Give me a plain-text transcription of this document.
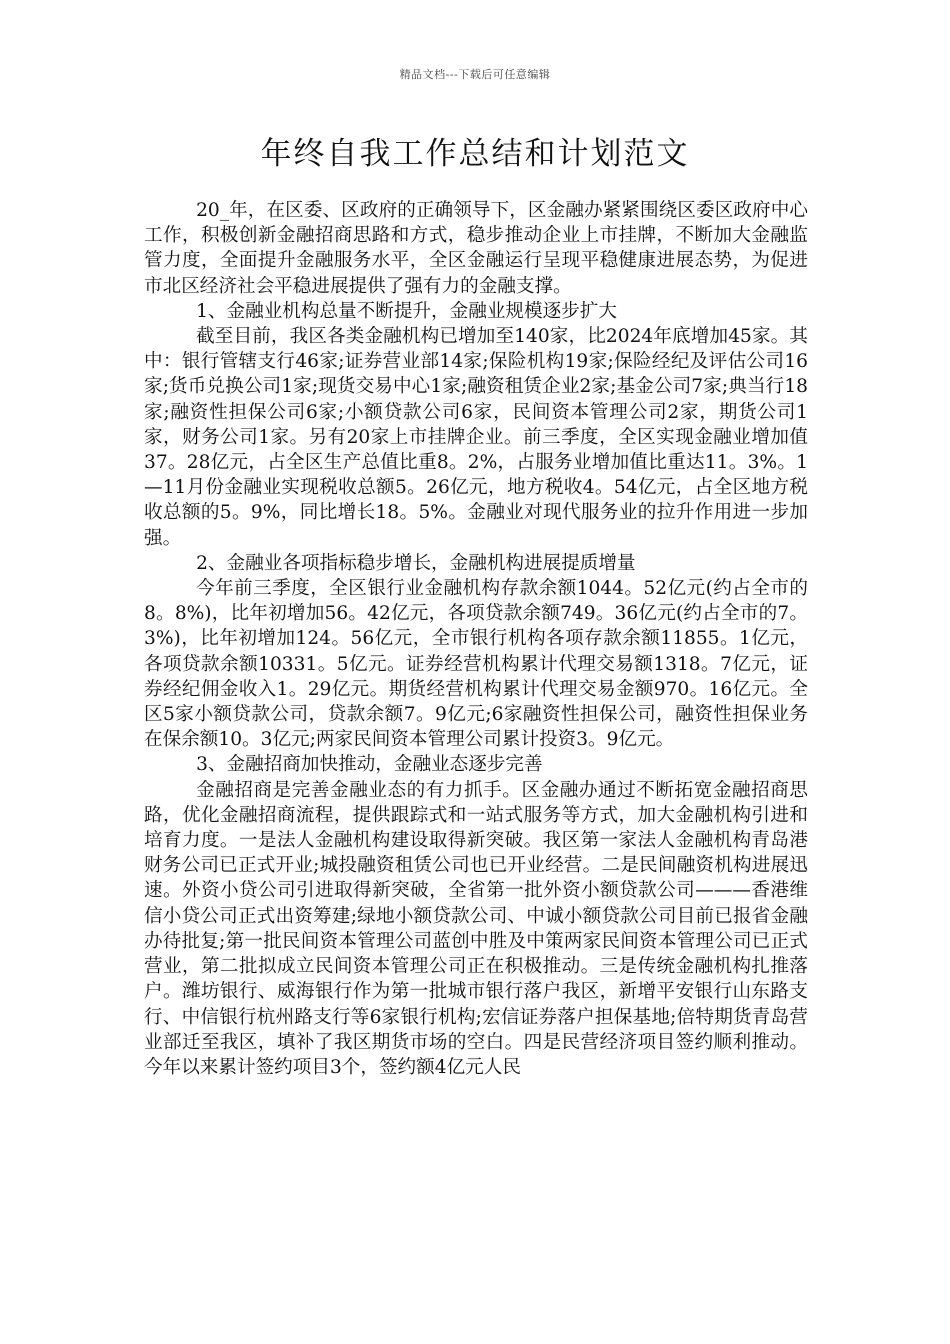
精品文档---下载后可任意编辑
年终自我工作总结和计划范文

20_年，在区委、区政府的正确领导下，区金融办紧紧围绕区委区政府中心工作，积极创新金融招商思路和方式，稳步推动企业上市挂牌，不断加大金融监管力度，全面提升金融服务水平，全区金融运行呈现平稳健康进展态势，为促进市北区经济社会平稳进展提供了强有力的金融支撑。

1、金融业机构总量不断提升，金融业规模逐步扩大

截至目前，我区各类金融机构已增加至140家，比2024年底增加45家。其中：银行管辖支行46家;证券营业部14家;保险机构19家;保险经纪及评估公司16家;货币兑换公司1家;现货交易中心1家;融资租赁企业2家;基金公司7家;典当行18家;融资性担保公司6家;小额贷款公司6家，民间资本管理公司2家，期货公司1家，财务公司1家。另有20家上市挂牌企业。前三季度，全区实现金融业增加值37。28亿元，占全区生产总值比重8。2%，占服务业增加值比重达11。3%。1—11月份金融业实现税收总额5。26亿元，地方税收4。54亿元，占全区地方税收总额的5。9%，同比增长18。5%。金融业对现代服务业的拉升作用进一步加强。

2、金融业各项指标稳步增长，金融机构进展提质增量

今年前三季度，全区银行业金融机构存款余额1044。52亿元(约占全市的8。8%)，比年初增加56。42亿元，各项贷款余额749。36亿元(约占全市的7。3%)，比年初增加124。56亿元，全市银行机构各项存款余额11855。1亿元，各项贷款余额10331。5亿元。证券经营机构累计代理交易额1318。7亿元，证券经纪佣金收入1。29亿元。期货经营机构累计代理交易金额970。16亿元。全区5家小额贷款公司，贷款余额7。9亿元;6家融资性担保公司，融资性担保业务在保余额10。3亿元;两家民间资本管理公司累计投资3。9亿元。

3、金融招商加快推动，金融业态逐步完善

金融招商是完善金融业态的有力抓手。区金融办通过不断拓宽金融招商思路，优化金融招商流程，提供跟踪式和一站式服务等方式，加大金融机构引进和培育力度。一是法人金融机构建设取得新突破。我区第一家法人金融机构青岛港财务公司已正式开业;城投融资租赁公司也已开业经营。二是民间融资机构进展迅速。外资小贷公司引进取得新突破，全省第一批外资小额贷款公司———香港维信小贷公司正式出资筹建;绿地小额贷款公司、中诚小额贷款公司目前已报省金融办待批复;第一批民间资本管理公司蓝创中胜及中策两家民间资本管理公司已正式营业，第二批拟成立民间资本管理公司正在积极推动。三是传统金融机构扎推落户。潍坊银行、威海银行作为第一批城市银行落户我区，新增平安银行山东路支行、中信银行杭州路支行等6家银行机构;宏信证券落户担保基地;倍特期货青岛营业部迁至我区，填补了我区期货市场的空白。四是民营经济项目签约顺利推动。今年以来累计签约项目3个，签约额4亿元人民
